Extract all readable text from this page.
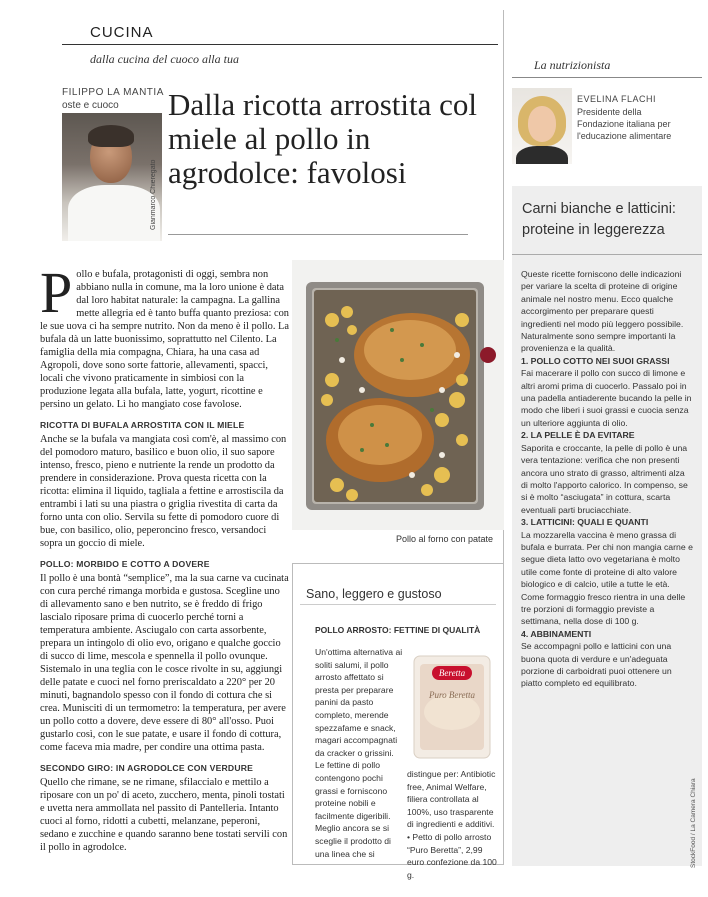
CUCINA
dalla cucina del cuoco alla tua
FILIPPO LA MANTIA
oste e cuoco
Gianmarco Chieregato
Dalla ricotta arrostita col miele al pollo in agrodolce: favolosi

Pollo e bufala, protagonisti di oggi, sembra non abbiano nulla in comune, ma la loro unione è data dal loro habitat naturale: la campagna. La gallina mette allegria ed è tanto buffa quanto preziosa: con le sue uova ci ha sempre nutrito. Non da meno è il pollo. La bufala dà un latte buonissimo, soprattutto nel Cilento. La famiglia della mia compagna, Chiara, ha una casa ad Agropoli, dove sono sorte fattorie, allevamenti, spacci, locali che vivono praticamente in simbiosi con la produzione legata alla bufala, latte, yogurt, ricottine e persino un gelato. Lì ho mangiato cose favolose.

RICOTTA DI BUFALA ARROSTITA CON IL MIELE

Anche se la bufala va mangiata così com'è, al massimo con del pomodoro maturo, basilico e buon olio, il suo sapore intenso, fresco, pieno e nutriente la rende un prodotto da prendere in considerazione. Prova questa ricetta con la ricotta: elimina il liquido, tagliala a fettine e arrostiscila da entrambi i lati su una piastra o griglia rivestita di carta da forno unta con olio. Servila su fette di pomodoro cuore di bue, con basilico, olio, peperoncino fresco, versandoci sopra un goccio di miele.

POLLO: MORBIDO E COTTO A DOVERE

Il pollo è una bontà “semplice”, ma la sua carne va cucinata con cura perché rimanga morbida e gustosa. Scegline uno di allevamento sano e ben nutrito, se è freddo di frigo lascialo riposare prima di cuocerlo perché torni a temperatura ambiente. Asciugalo con carta assorbente, prepara un intingolo di olio evo, origano e qualche goccio di succo di lime, mescola e spennella il pollo ovunque. Sistemalo in una teglia con le cosce rivolte in su, aggiungi delle patate e cuoci nel forno preriscaldato a 220° per 20 minuti, bagnandolo spesso con il fondo di cottura che si crea. Munisciti di un termometro: la temperatura, per avere un pollo cotto a dovere, deve essere di 80° all'osso. Puoi gustarlo così, con le sue patate, e usare il fondo di cottura, come faceva mia madre, per condire una ottima pasta.

SECONDO GIRO: IN AGRODOLCE CON VERDURE

Quello che rimane, se ne rimane, sfilaccialo e mettilo a riposare con un po' di aceto, zucchero, menta, pinoli tostati e uvetta nera ammollata nel passito di Pantelleria. Intanto cuoci al forno, ridotti a cubetti, melanzane, peperoni, sedano e zucchine e quando saranno bene tostati servili con il pollo in agrodolce.

Pollo al forno con patate
Sano, leggero e gustoso
POLLO ARROSTO: FETTINE DI QUALITÀ
Un'ottima alternativa ai soliti salumi, il pollo arrosto affettato si presta per preparare panini da pasto completo, merende spezzafame e snack, magari accompagnati da cracker o grissini. Le fettine di pollo contengono pochi grassi e forniscono proteine nobili e facilmente digeribili. Meglio ancora se si sceglie il prodotto di una linea che si
Beretta
Puro Beretta
distingue per: Antibiotic free, Animal Welfare, filiera controllata al 100%, uso trasparente di ingredienti e additivi.
• Petto di pollo arrosto “Puro Beretta”, 2,99 euro confezione da 100 g.
La nutrizionista
EVELINA FLACHI
Presidente della Fondazione italiana per l'educazione alimentare
Carni bianche e latticini: proteine in leggerezza
Queste ricette forniscono delle indicazioni per variare la scelta di proteine di origine animale nel nostro menu. Ecco qualche accorgimento per preparare questi ingredienti nel modo più leggero possibile. Naturalmente sono sempre importanti la provenienza e la qualità.
1. POLLO COTTO NEI SUOI GRASSI
Fai macerare il pollo con succo di limone e altri aromi prima di cuocerlo. Passalo poi in una padella antiaderente bucando la pelle in modo che liberi i suoi grassi e cuocia senza un ulteriore aggiunta di olio.
2. LA PELLE È DA EVITARE
Saporita e croccante, la pelle di pollo è una vera tentazione: verifica che non presenti ancora uno strato di grasso, altrimenti alza di molto l'apporto calorico. In compenso, se si è molto “asciugata” in cottura, scarta eventuali parti bruciacchiate.
3. LATTICINI: QUALI E QUANTI
La mozzarella vaccina è meno grassa di bufala e burrata. Per chi non mangia carne e segue dieta latto ovo vegetariana è molto utile come fonte di proteine di alto valore biologico e di calcio, utile a tutte le età. Come formaggio fresco rientra in una delle tre porzioni di formaggio previste a settimana, nella dose di 100 g.
4. ABBINAMENTI
Se accompagni pollo e latticini con una buona quota di verdure e un'adeguata porzione di carboidrati puoi ottenere un piatto completo ed equilibrato.
StockFood / La Camera Chiara
